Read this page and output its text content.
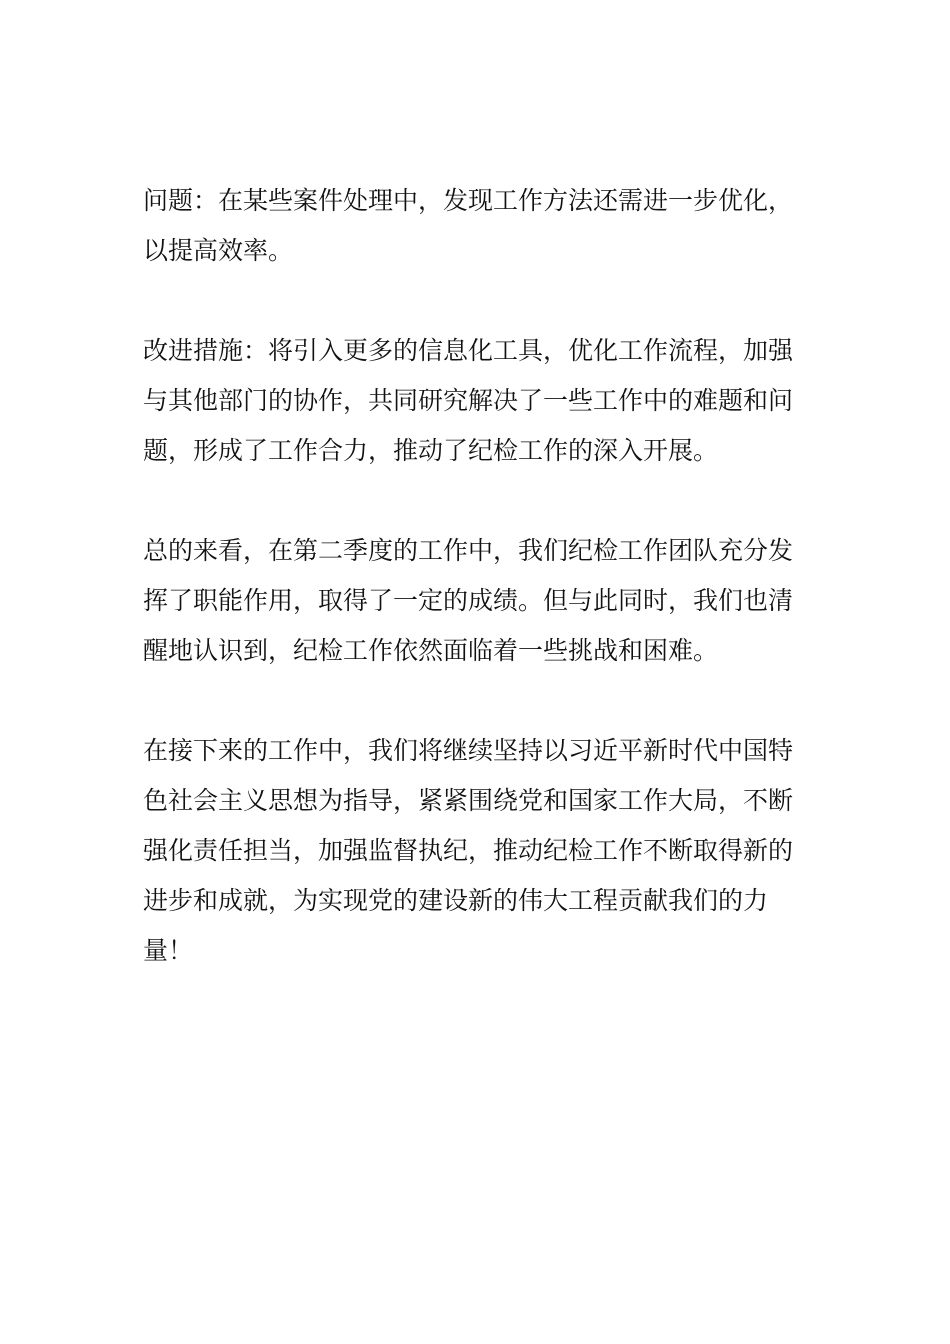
问题：在某些案件处理中，发现工作方法还需进一步优化，以提高效率。

改进措施：将引入更多的信息化工具，优化工作流程，加强与其他部门的协作，共同研究解决了一些工作中的难题和问题，形成了工作合力，推动了纪检工作的深入开展。

总的来看，在第二季度的工作中，我们纪检工作团队充分发挥了职能作用，取得了一定的成绩。但与此同时，我们也清醒地认识到，纪检工作依然面临着一些挑战和困难。

在接下来的工作中，我们将继续坚持以习近平新时代中国特色社会主义思想为指导，紧紧围绕党和国家工作大局，不断强化责任担当，加强监督执纪，推动纪检工作不断取得新的进步和成就，为实现党的建设新的伟大工程贡献我们的力量！
